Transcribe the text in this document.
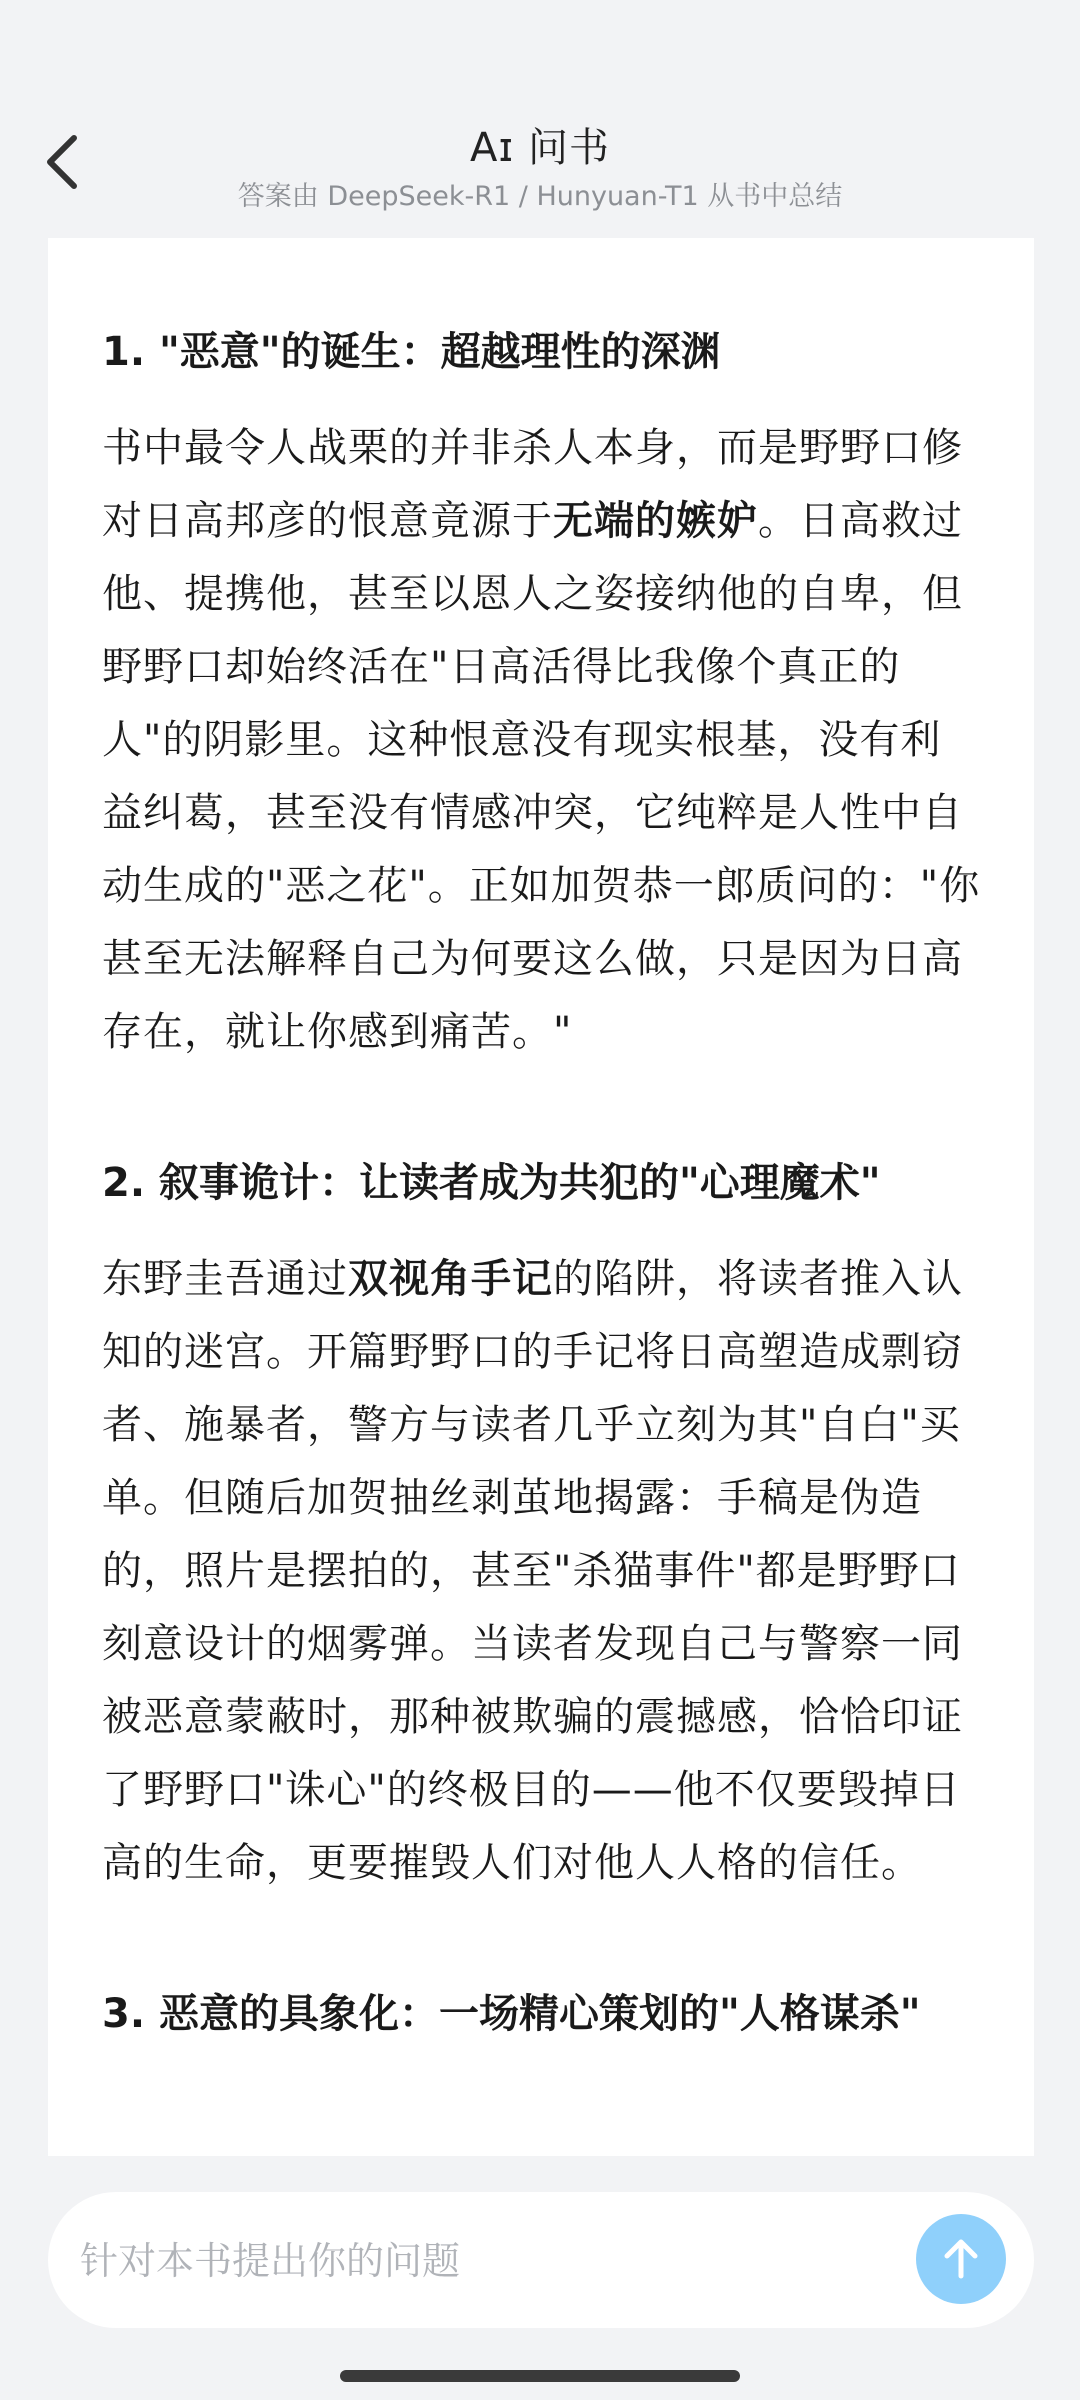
Aɪ 问书
答案由 DeepSeek-R1 / Hunyuan-T1 从书中总结

1. "恶意"的诞生：超越理性的深渊

书中最令人战栗的并非杀人本身，而是野野口修对日高邦彦的恨意竟源于无端的嫉妒。日高救过他、提携他，甚至以恩人之姿接纳他的自卑，但野野口却始终活在"日高活得比我像个真正的人"的阴影里。这种恨意没有现实根基，没有利益纠葛，甚至没有情感冲突，它纯粹是人性中自动生成的"恶之花"。正如加贺恭一郎质问的："你甚至无法解释自己为何要这么做，只是因为日高存在，就让你感到痛苦。"

2. 叙事诡计：让读者成为共犯的"心理魔术"

东野圭吾通过双视角手记的陷阱，将读者推入认知的迷宫。开篇野野口的手记将日高塑造成剽窃者、施暴者，警方与读者几乎立刻为其"自白"买单。但随后加贺抽丝剥茧地揭露：手稿是伪造的，照片是摆拍的，甚至"杀猫事件"都是野野口刻意设计的烟雾弹。当读者发现自己与警察一同被恶意蒙蔽时，那种被欺骗的震撼感，恰恰印证了野野口"诛心"的终极目的——他不仅要毁掉日高的生命，更要摧毁人们对他人人格的信任。

3. 恶意的具象化：一场精心策划的"人格谋杀"

针对本书提出你的问题
